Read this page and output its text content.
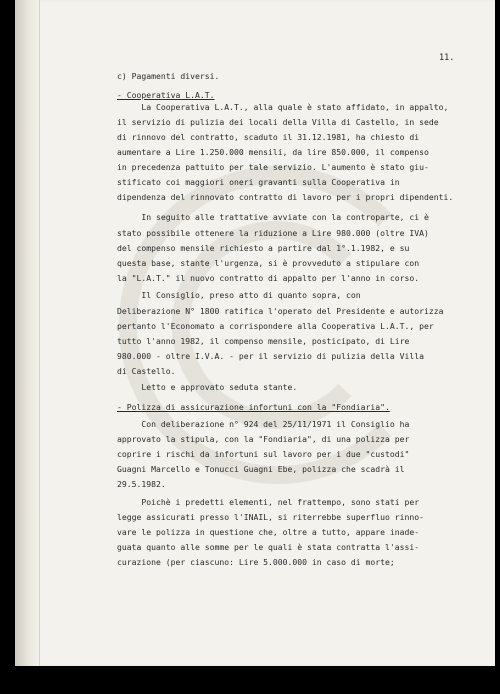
11.
c) Pagamenti diversi.
- Cooperativa L.A.T.
La Cooperativa L.A.T., alla quale è stato affidato, in appalto,
il servizio di pulizia dei locali della Villa di Castello, in sede
di rinnovo del contratto, scaduto il 31.12.1981, ha chiesto di
aumentare a Lire 1.250.000 mensili, da lire 850.000, il compenso
in precedenza pattuito per tale servizio. L'aumento è stato giu-
stificato coi maggiori oneri gravanti sulla Cooperativa in
dipendenza del rinnovato contratto di lavoro per i propri dipendenti.
In seguito alle trattative avviate con la controparte, ci è
stato possibile ottenere la riduzione a Lire 980.000 (oltre IVA)
del compenso mensile richiesto a partire dal 1°.1.1982, e su
questa base, stante l'urgenza, si è provveduto a stipulare con
la "L.A.T." il nuovo contratto di appalto per l'anno in corso.
Il Consiglio, preso atto di quanto sopra, con
Deliberazione N° 1800 ratifica l'operato del Presidente e autorizza
pertanto l'Economato a corrispondere alla Cooperativa L.A.T., per
tutto l'anno 1982, il compenso mensile, posticipato, di Lire
980.000 - oltre I.V.A. - per il servizio di pulizia della Villa
di Castello.
Letto e approvato seduta stante.
- Polizza di assicurazione infortuni con la "Fondiaria".
Con deliberazione n° 924 del 25/11/1971 il Consiglio ha
approvato la stipula, con la "Fondiaria", di una polizza per
coprire i rischi da infortuni sul lavoro per i due "custodi"
Guagni Marcello e Tonucci Guagni Ebe, polizza che scadrà il
29.5.1982.
Poichè i predetti elementi, nel frattempo, sono stati per
legge assicurati presso l'INAIL, si riterrebbe superfluo rinno-
vare le polizza in questione che, oltre a tutto, appare inade-
guata quanto alle somme per le quali è stata contratta l'assi-
curazione (per ciascuno: Lire 5.000.000 in caso di morte;
